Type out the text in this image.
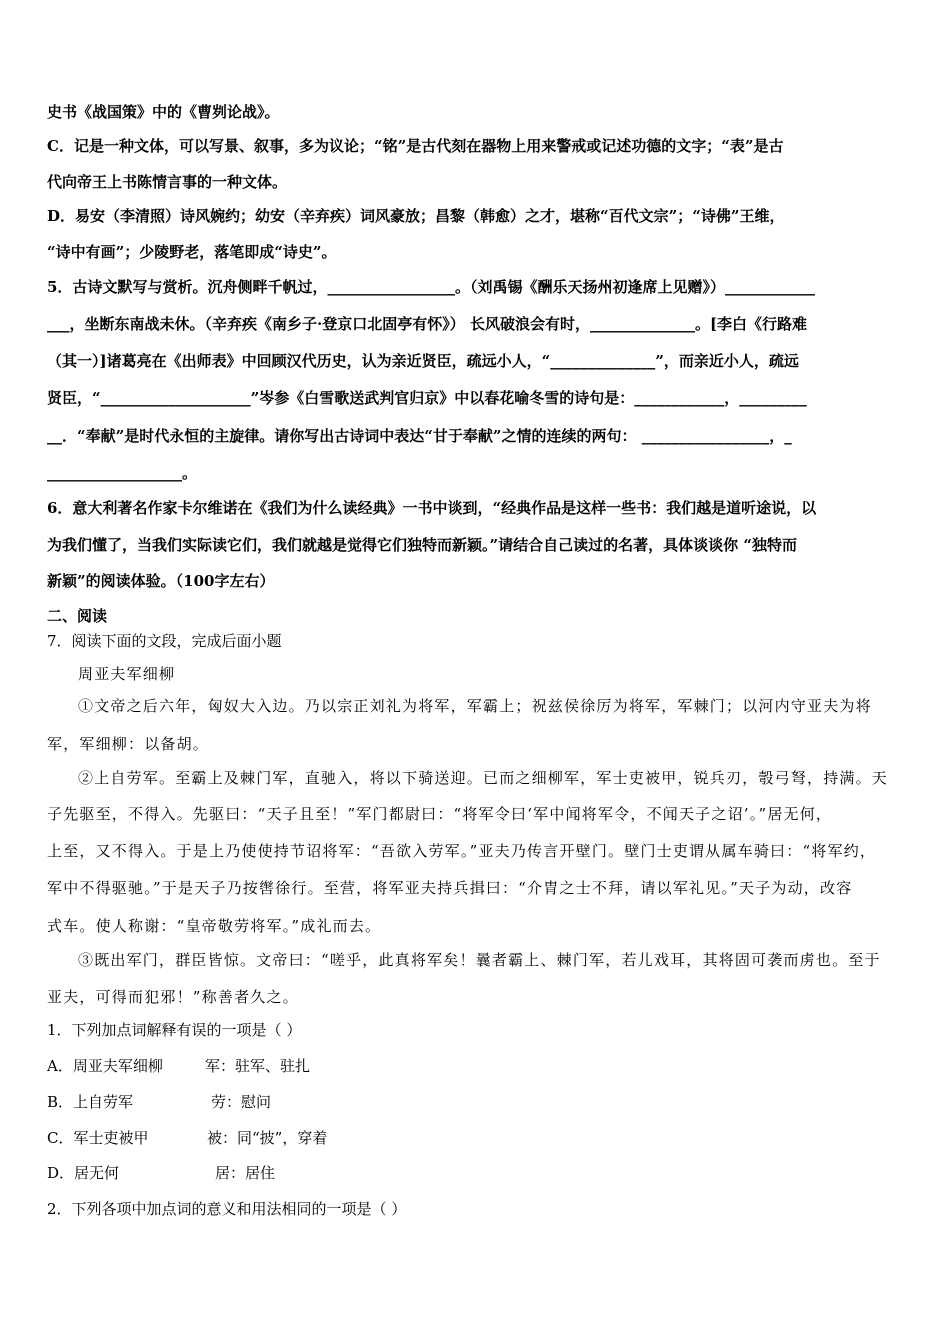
史书《战国策》中的《曹刿论战》。
C．记是一种文体，可以写景、叙事，多为议论；“铭”是古代刻在器物上用来警戒或记述功德的文字；“表”是古
代向帝王上书陈情言事的一种文体。
D．易安（李清照）诗风婉约；幼安（辛弃疾）词风豪放；昌黎（韩愈）之才，堪称“百代文宗”；“诗佛”王维，
“诗中有画”；少陵野老，落笔即成“诗史”。
5．古诗文默写与赏析。沉舟侧畔千帆过，_________________。（刘禹锡《酬乐天扬州初逢席上见赠》）____________
___，坐断东南战未休。（辛弃疾《南乡子·登京口北固亭有怀》） 长风破浪会有时，______________。[李白《行路难
（其一）]诸葛亮在《出师表》中回顾汉代历史，认为亲近贤臣，疏远小人，“______________”，而亲近小人，疏远
贤臣，“____________________”岑参《白雪歌送武判官归京》中以春花喻冬雪的诗句是：____________，_________
__．“奉献”是时代永恒的主旋律。请你写出古诗词中表达“甘于奉献”之情的连续的两句： _________________，_
__________________。
6．意大利著名作家卡尔维诺在《我们为什么读经典》一书中谈到，“经典作品是这样一些书：我们越是道听途说，以
为我们懂了，当我们实际读它们，我们就越是觉得它们独特而新颖。”请结合自己读过的名著，具体谈谈你 “独特而
新颖”的阅读体验。（100字左右）
二、阅读
7．阅读下面的文段，完成后面小题
周亚夫军细柳
①文帝之后六年，匈奴大入边。乃以宗正刘礼为将军，军霸上；祝兹侯徐厉为将军，军棘门；以河内守亚夫为将
军，军细柳：以备胡。
②上自劳军。至霸上及棘门军，直驰入，将以下骑送迎。已而之细柳军，军士吏被甲，锐兵刃，彀弓弩，持满。天
子先驱至，不得入。先驱曰：“天子且至！”军门都尉曰：“将军令曰‘军中闻将军令，不闻天子之诏’。”居无何，
上至，又不得入。于是上乃使使持节诏将军：“吾欲入劳军。”亚夫乃传言开壁门。壁门士吏谓从属车骑曰：“将军约，
军中不得驱驰。”于是天子乃按辔徐行。至营，将军亚夫持兵揖曰：“介胄之士不拜，请以军礼见。”天子为动，改容
式车。使人称谢：“皇帝敬劳将军。”成礼而去。
③既出军门，群臣皆惊。文帝曰：“嗟乎，此真将军矣！曩者霸上、棘门军，若儿戏耳，其将固可袭而虏也。至于
亚夫，可得而犯邪！”称善者久之。
1．下列加点词解释有误的一项是（ ）
A．周亚夫军细柳	军：驻军、驻扎
B．上自劳军	劳：慰问
C．军士吏被甲	被：同“披”，穿着
D．居无何	居：居住
2．下列各项中加点词的意义和用法相同的一项是（ ）
